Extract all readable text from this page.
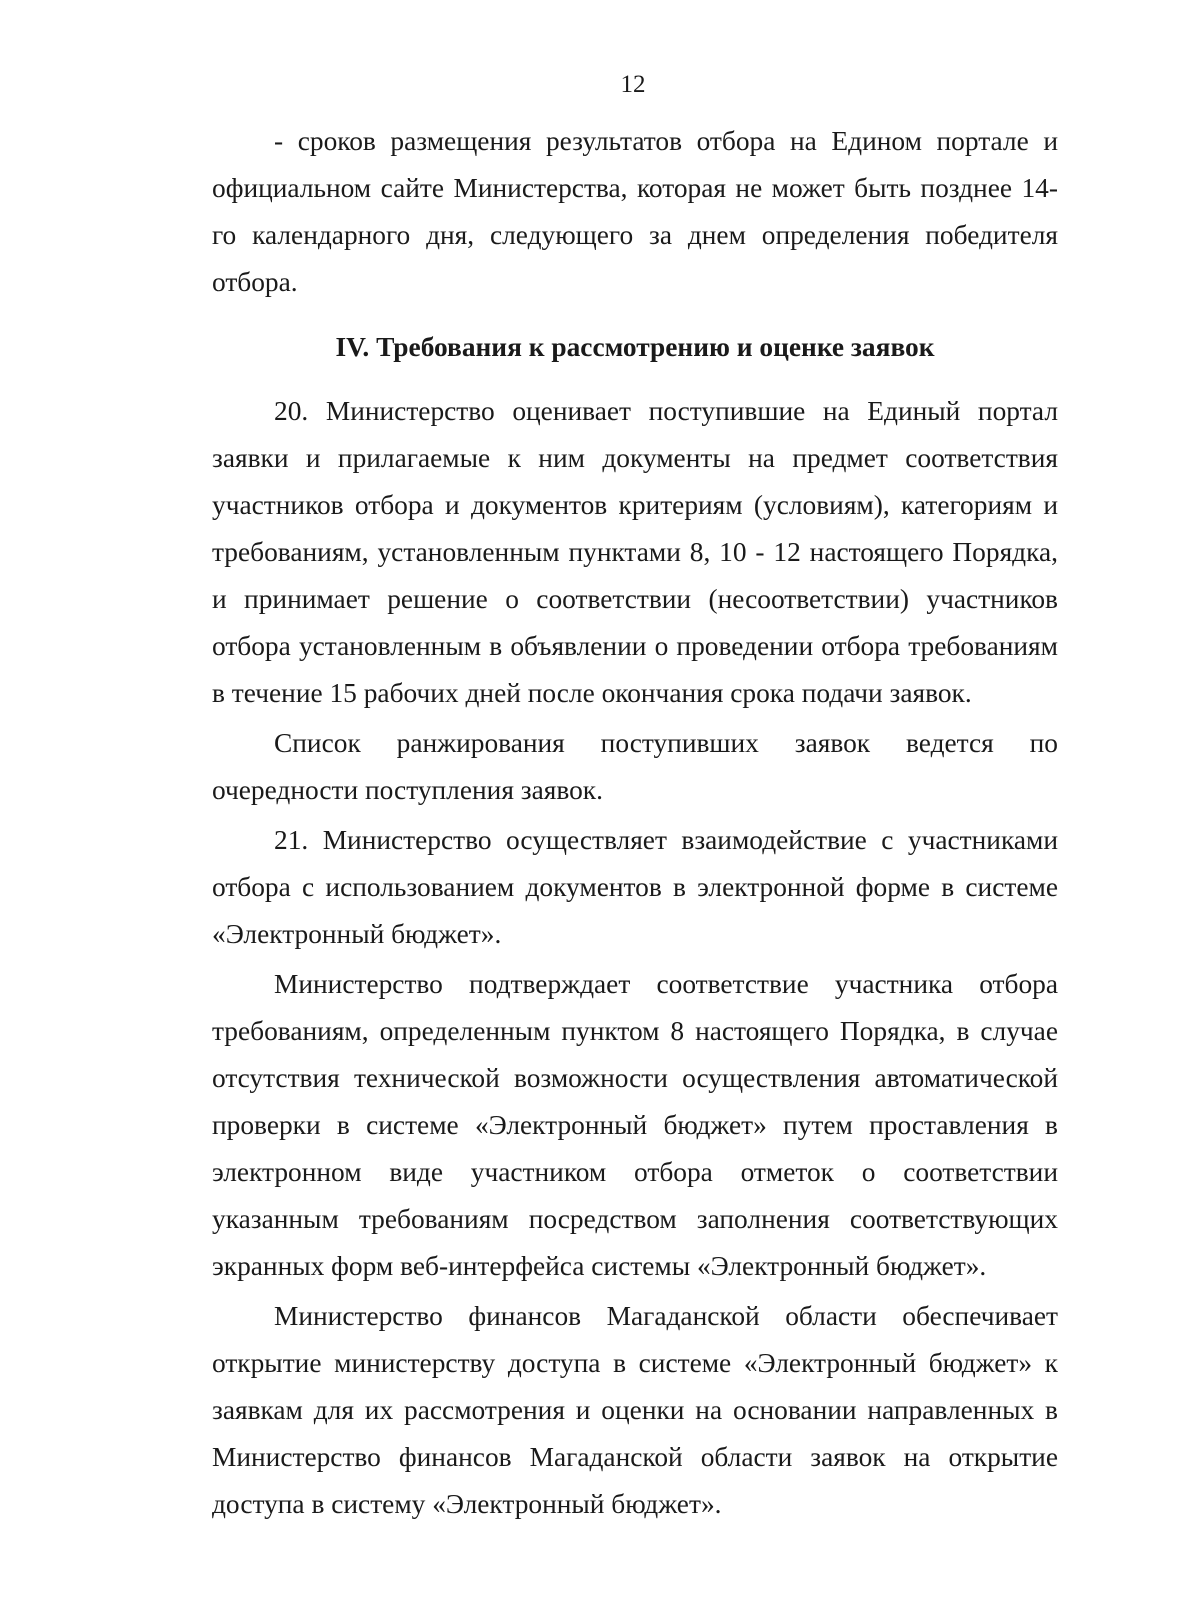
12

- сроков размещения результатов отбора на Едином портале и официальном сайте Министерства, которая не может быть позднее 14-го календарного дня, следующего за днем определения победителя отбора.

IV. Требования к рассмотрению и оценке заявок

20. Министерство оценивает поступившие на Единый портал заявки и прилагаемые к ним документы на предмет соответствия участников отбора и документов критериям (условиям), категориям и требованиям, установленным пунктами 8, 10 - 12 настоящего Порядка, и принимает решение о соответствии (несоответствии) участников отбора установленным в объявлении о проведении отбора требованиям в течение 15 рабочих дней после окончания срока подачи заявок.

Список ранжирования поступивших заявок ведется по очередности поступления заявок.

21. Министерство осуществляет взаимодействие с участниками отбора с использованием документов в электронной форме в системе «Электронный бюджет».

Министерство подтверждает соответствие участника отбора требованиям, определенным пунктом 8 настоящего Порядка, в случае отсутствия технической возможности осуществления автоматической проверки в системе «Электронный бюджет» путем проставления в электронном виде участником отбора отметок о соответствии указанным требованиям посредством заполнения соответствующих экранных форм веб-интерфейса системы «Электронный бюджет».

Министерство финансов Магаданской области обеспечивает открытие министерству доступа в системе «Электронный бюджет» к заявкам для их рассмотрения и оценки на основании направленных в Министерство финансов Магаданской области заявок на открытие доступа в систему «Электронный бюджет».
